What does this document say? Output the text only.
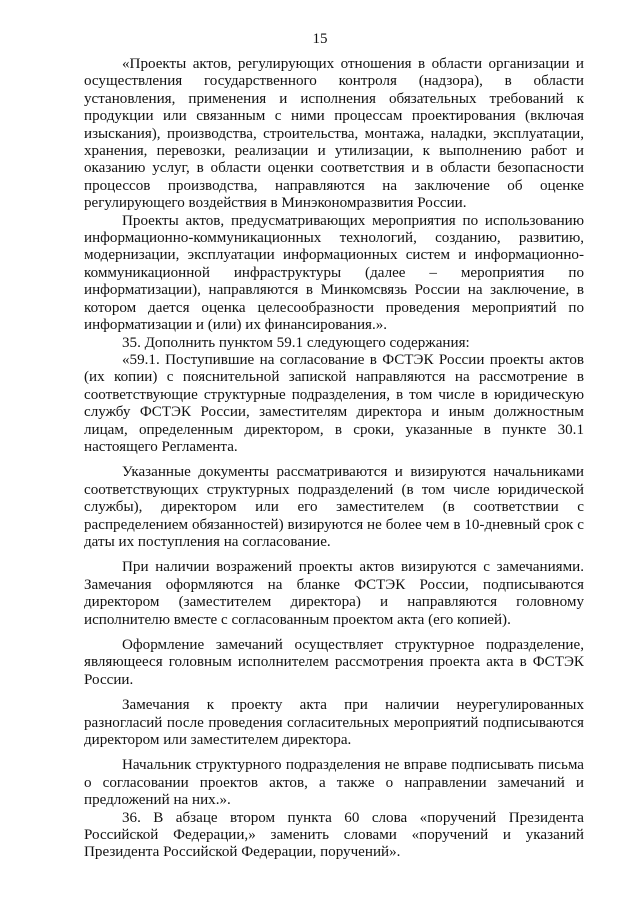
15

«Проекты актов, регулирующих отношения в области организации и осуществления государственного контроля (надзора), в области установления, применения и исполнения обязательных требований к продукции или связанным с ними процессам проектирования (включая изыскания), производства, строительства, монтажа, наладки, эксплуатации, хранения, перевозки, реализации и утилизации, к выполнению работ и оказанию услуг, в области оценки соответствия и в области безопасности процессов производства, направляются на заключение об оценке регулирующего воздействия в Минэкономразвития России.

Проекты актов, предусматривающих мероприятия по использованию информационно-коммуникационных технологий, созданию, развитию, модернизации, эксплуатации информационных систем и информационно-коммуникационной инфраструктуры (далее – мероприятия по информатизации), направляются в Минкомсвязь России на заключение, в котором дается оценка целесообразности проведения мероприятий по информатизации и (или) их финансирования.».

35. Дополнить пунктом 59.1 следующего содержания:

«59.1. Поступившие на согласование в ФСТЭК России проекты актов (их копии) с пояснительной запиской направляются на рассмотрение в соответствующие структурные подразделения, в том числе в юридическую службу ФСТЭК России, заместителям директора и иным должностным лицам, определенным директором, в сроки, указанные в пункте 30.1 настоящего Регламента.

Указанные документы рассматриваются и визируются начальниками соответствующих структурных подразделений (в том числе юридической службы), директором или его заместителем (в соответствии с распределением обязанностей) визируются не более чем в 10-дневный срок с даты их поступления на согласование.

При наличии возражений проекты актов визируются с замечаниями. Замечания оформляются на бланке ФСТЭК России, подписываются директором (заместителем директора) и направляются головному исполнителю вместе с согласованным проектом акта (его копией).

Оформление замечаний осуществляет структурное подразделение, являющееся головным исполнителем рассмотрения проекта акта в ФСТЭК России.

Замечания к проекту акта при наличии неурегулированных разногласий после проведения согласительных мероприятий подписываются директором или заместителем директора.

Начальник структурного подразделения не вправе подписывать письма о согласовании проектов актов, а также о направлении замечаний и предложений на них.».

36. В абзаце втором пункта 60 слова «поручений Президента Российской Федерации,» заменить словами «поручений и указаний Президента Российской Федерации, поручений».
